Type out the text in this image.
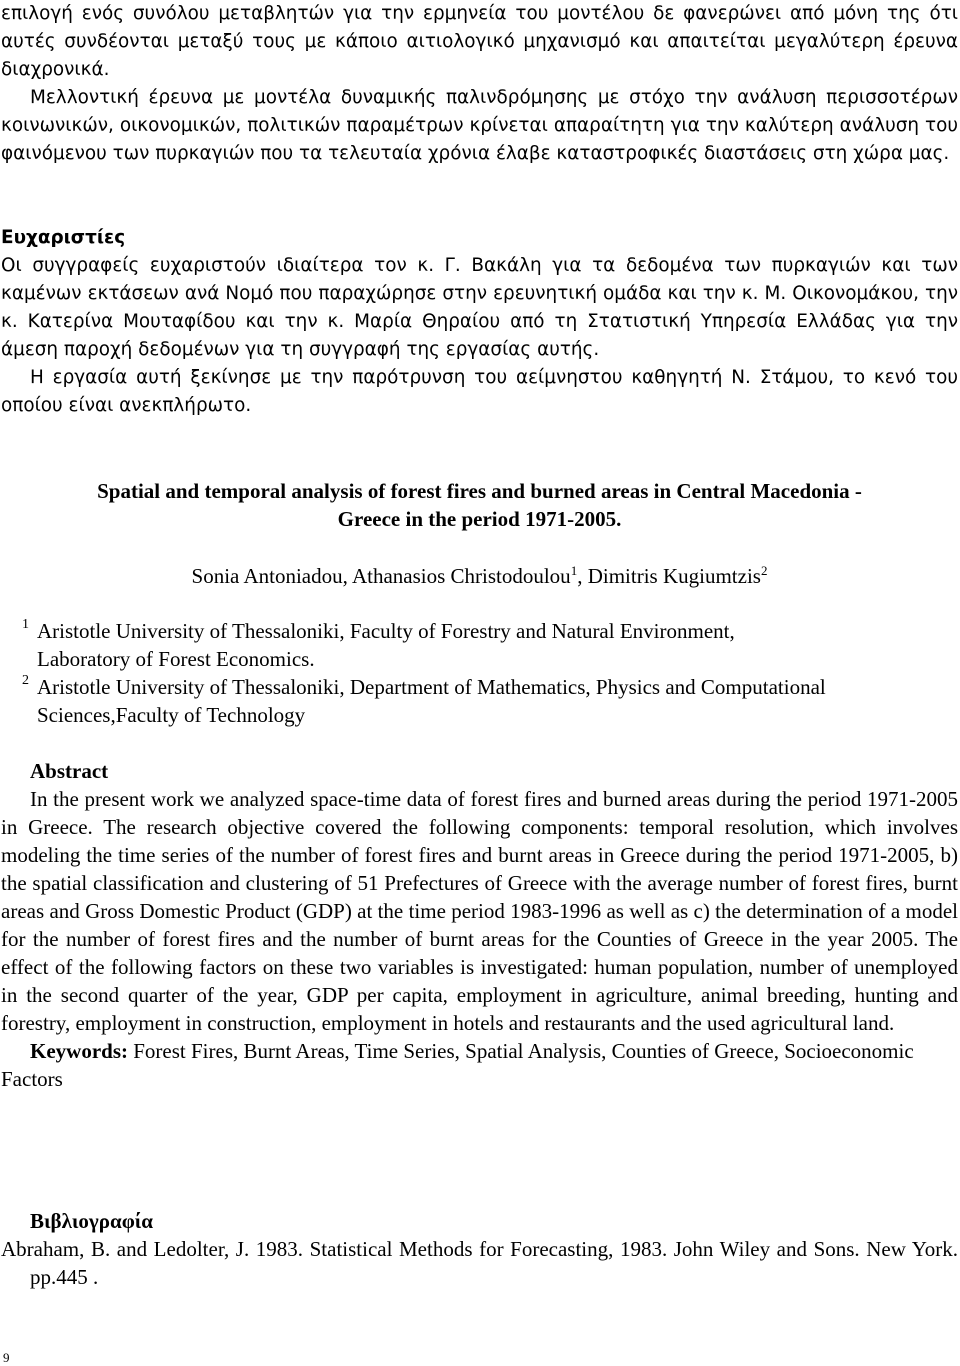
επιλογή ενός συνόλου μεταβλητών για την ερμηνεία του μοντέλου δε φανερώνει από μόνη της ότι αυτές συνδέονται μεταξύ τους με κάποιο αιτιολογικό μηχανισμό και απαιτείται μεγαλύτερη έρευνα διαχρονικά.

Μελλοντική έρευνα με μοντέλα δυναμικής παλινδρόμησης με στόχο την ανάλυση περισσοτέρων κοινωνικών, οικονομικών, πολιτικών παραμέτρων κρίνεται απαραίτητη για την καλύτερη ανάλυση του φαινόμενου των πυρκαγιών που τα τελευταία χρόνια έλαβε καταστροφικές διαστάσεις στη χώρα μας.

Ευχαριστίες

Οι συγγραφείς ευχαριστούν ιδιαίτερα τον κ. Γ. Βακάλη για τα δεδομένα των πυρκαγιών και των καμένων εκτάσεων ανά Νομό που παραχώρησε στην ερευνητική ομάδα και την κ. Μ. Οικονομάκου, την κ. Κατερίνα Μουταφίδου και την κ. Μαρία Θηραίου από τη Στατιστική Υπηρεσία Ελλάδας για την άμεση παροχή δεδομένων για τη συγγραφή της εργασίας αυτής.

Η εργασία αυτή ξεκίνησε με την παρότρυνση του αείμνηστου καθηγητή Ν. Στάμου, το κενό του οποίου είναι ανεκπλήρωτο.

Spatial and temporal analysis of forest fires and burned areas in Central Macedonia -

Greece in the period 1971-2005.

Sonia Antoniadou, Athanasios Christodoulou$^1$, Dimitris Kugiumtzis$^2$
1 Aristotle University of Thessaloniki, Faculty of Forestry and Natural Environment,
Laboratory of Forest Economics.
2 Aristotle University of Thessaloniki, Department of Mathematics, Physics and Computational
Sciences,Faculty of Technology

Abstract

In the present work we analyzed space-time data of forest fires and burned areas during the period 1971-2005 in Greece. The research objective covered the following components: temporal resolution, which involves modeling the time series of the number of forest fires and burnt areas in Greece during the period 1971-2005, b) the spatial classification and clustering of 51 Prefectures of Greece with the average number of forest fires, burnt areas and Gross Domestic Product (GDP) at the time period 1983-1996 as well as c) the determination of a model for the number of forest fires and the number of burnt areas for the Counties of Greece in the year 2005. The effect of the following factors on these two variables is investigated: human population, number of unemployed in the second quarter of the year, GDP per capita, employment in agriculture, animal breeding, hunting and forestry, employment in construction, employment in hotels and restaurants and the used agricultural land.

Keywords: Forest Fires, Burnt Areas, Time Series, Spatial Analysis, Counties of Greece, Socioeconomic Factors

Βιβλιογραφία

Abraham, B. and Ledolter, J. 1983. Statistical Methods for Forecasting, 1983. John Wiley and Sons. New York. pp.445 .

9
